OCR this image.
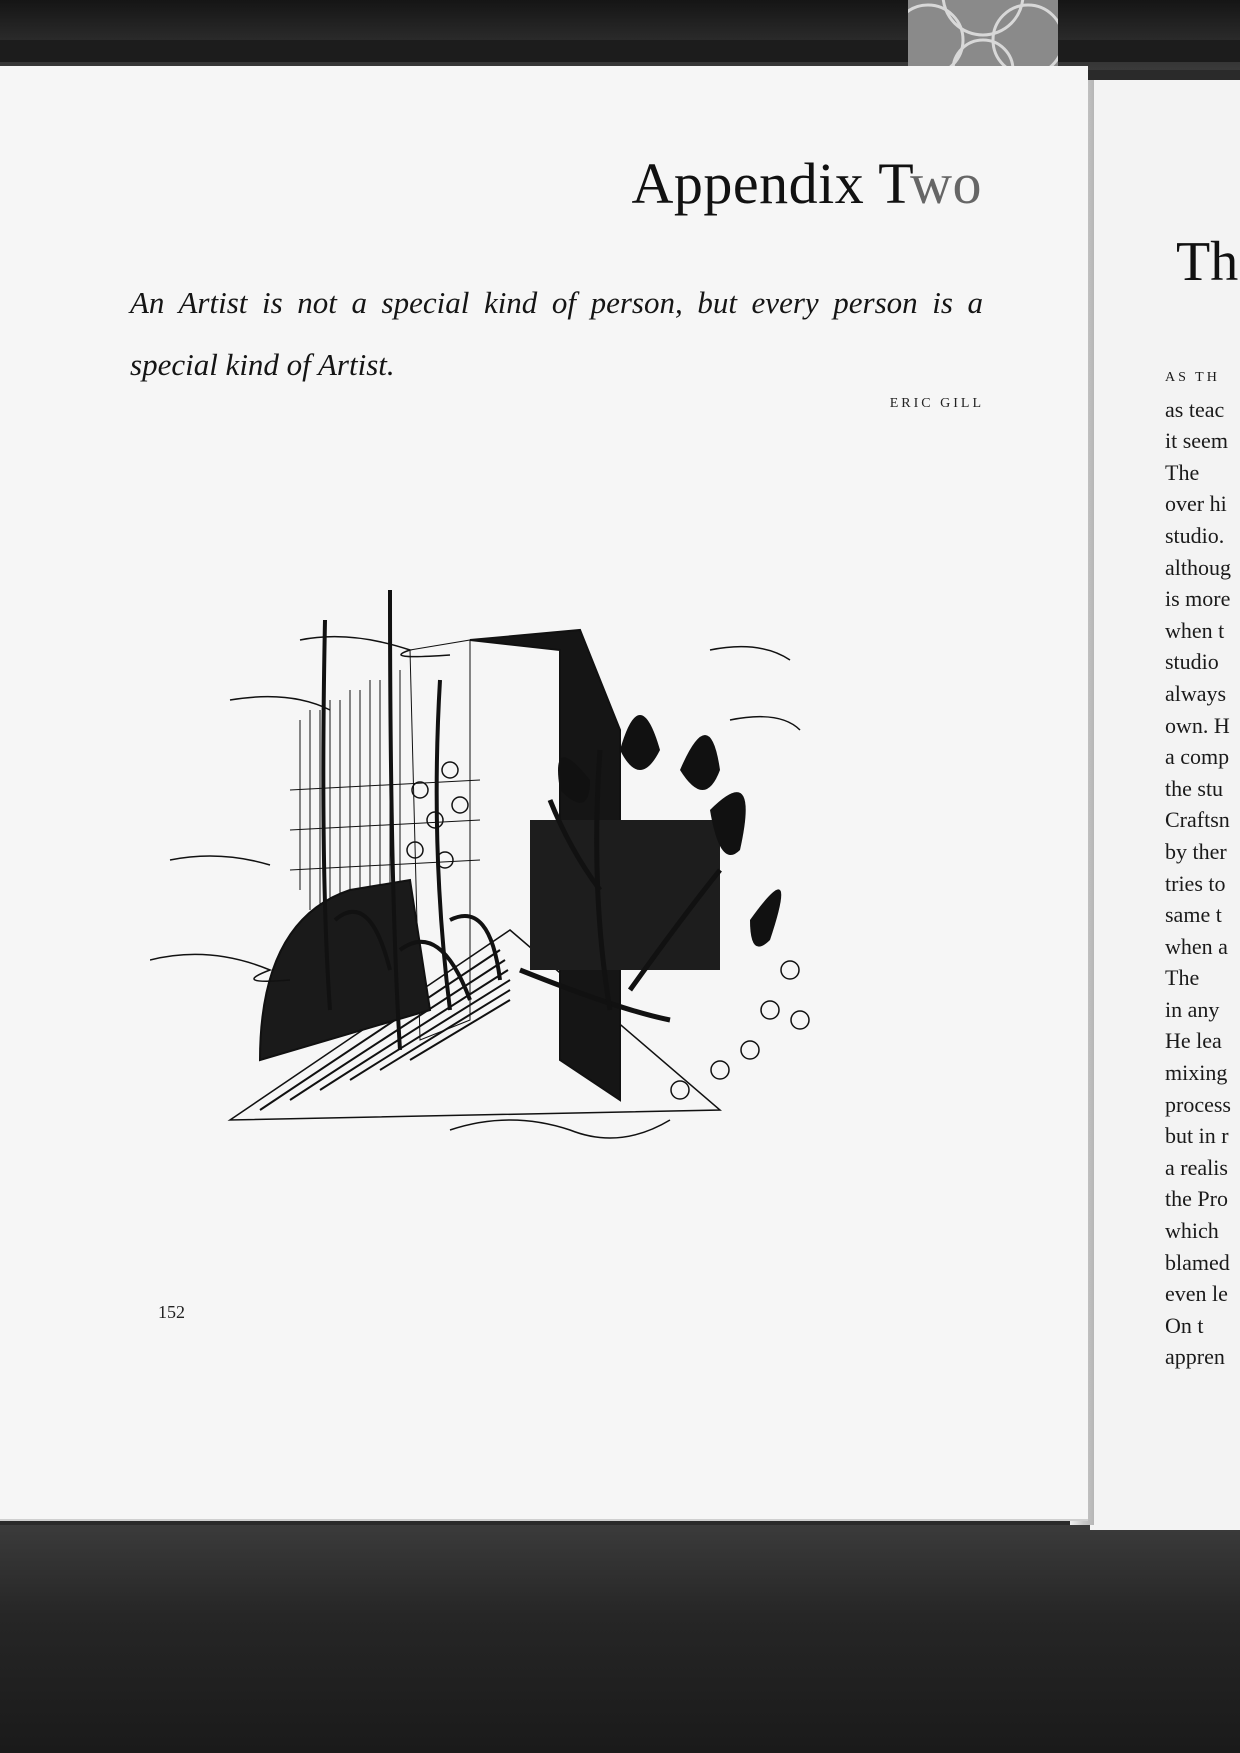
Th
AS TH
as teac
it seem
The
over hi
studio.
althoug
is more
when t
studio
always
own. H
a comp
the stu
Craftsn
by ther
tries to
same t
when a
The
in any
He lea
mixing
process
but in r
a realis
the Pro
which
blamed
even le
On t
appren
Appendix Two

An Artist is not a special kind of person, but every person is a special kind of Artist.

ERIC GILL
152
